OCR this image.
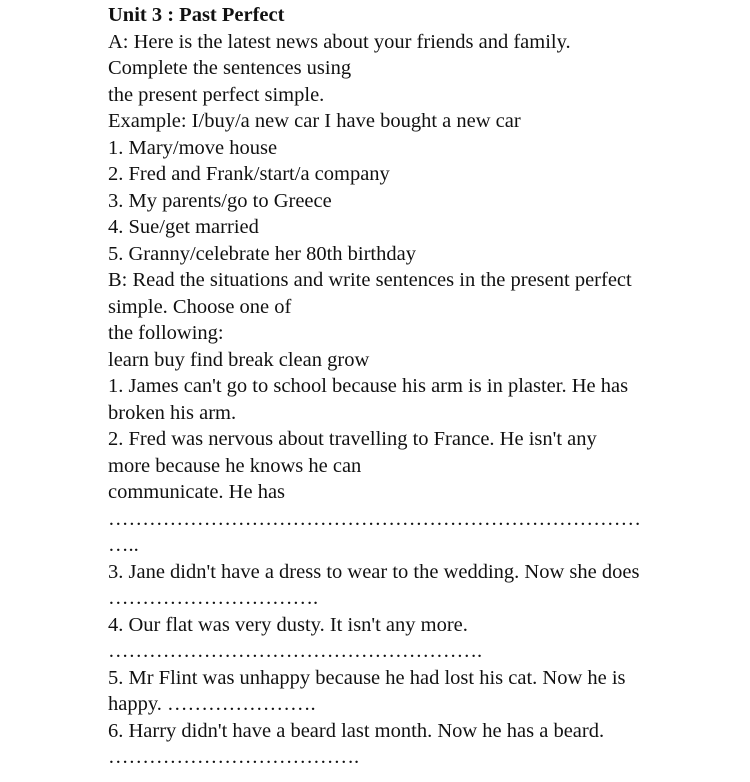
Unit 3 : Past Perfect
A: Here is the latest news about your friends and family.
Complete the sentences using
the present perfect simple.
Example: I/buy/a new car I have bought a new car
1. Mary/move house
2. Fred and Frank/start/a company
3. My parents/go to Greece
4. Sue/get married
5. Granny/celebrate her 80th birthday
B: Read the situations and write sentences in the present perfect
simple. Choose one of
the following:
learn buy find break clean grow
1. James can't go to school because his arm is in plaster. He has
broken his arm.
2. Fred was nervous about travelling to France. He isn't any
more because he knows he can
communicate. He has
……………………………………………………………………
…..
3. Jane didn't have a dress to wear to the wedding. Now she does
………………………….
4. Our flat was very dusty. It isn't any more.
……………………………………………….
5. Mr Flint was unhappy because he had lost his cat. Now he is
happy. ………………….
6. Harry didn't have a beard last month. Now he has a beard.
……………………………….
